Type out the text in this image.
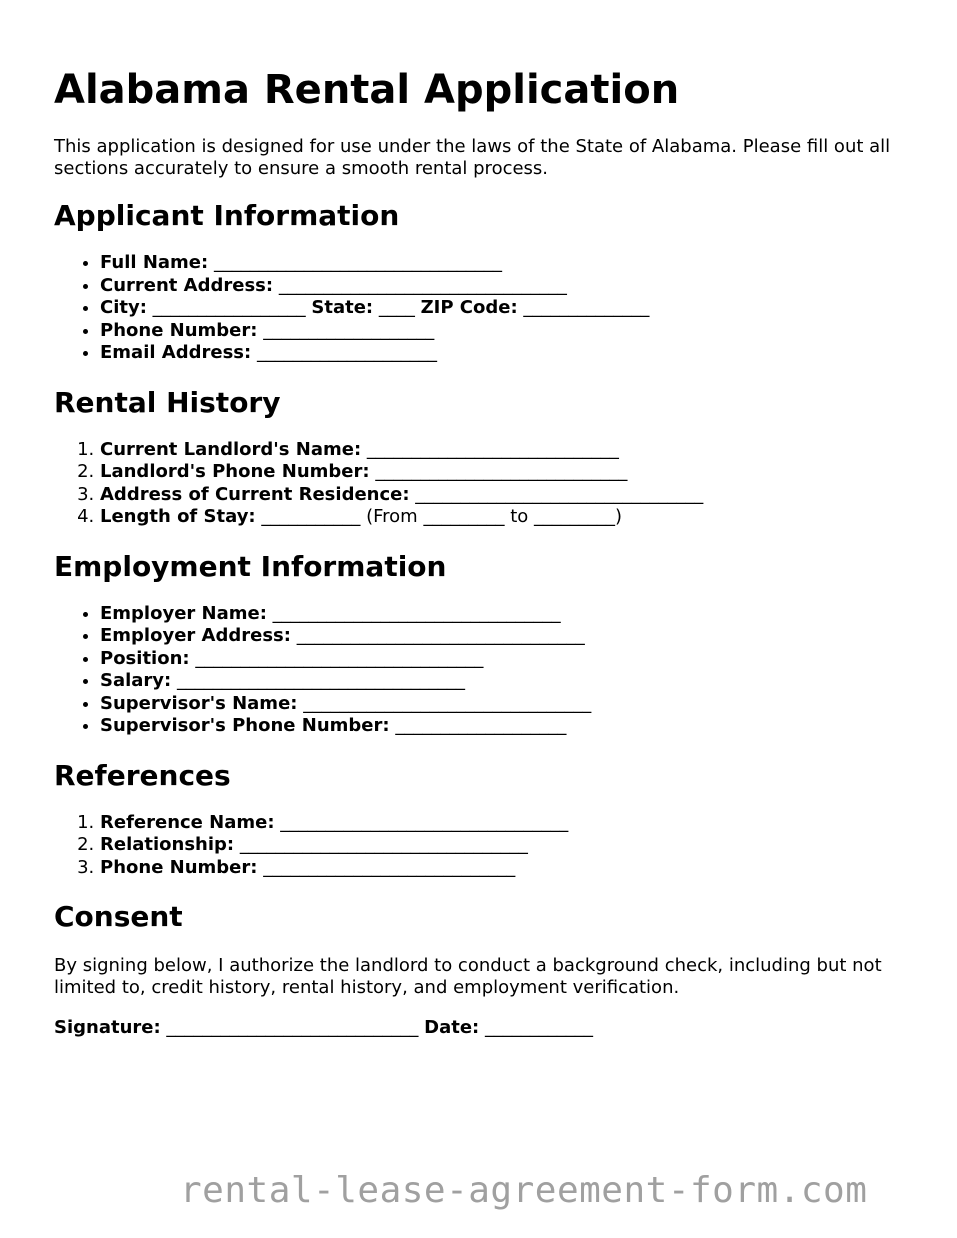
Alabama Rental Application

This application is designed for use under the laws of the State of Alabama. Please fill out all sections accurately to ensure a smooth rental process.

Applicant Information
• Full Name: ________________________________
• Current Address: ________________________________
• City: _________________ State: ____ ZIP Code: ______________
• Phone Number: ___________________
• Email Address: ____________________
Rental History
1. Current Landlord's Name: ____________________________
2. Landlord's Phone Number: ____________________________
3. Address of Current Residence: ________________________________
4. Length of Stay: ___________ (From _________ to _________)
Employment Information
• Employer Name: ________________________________
• Employer Address: ________________________________
• Position: ________________________________
• Salary: ________________________________
• Supervisor's Name: ________________________________
• Supervisor's Phone Number: ___________________
References
1. Reference Name: ________________________________
2. Relationship: ________________________________
3. Phone Number: ____________________________
Consent

By signing below, I authorize the landlord to conduct a background check, including but not limited to, credit history, rental history, and employment verification.

Signature: ____________________________ Date: ____________

rental-lease-agreement-form.com
